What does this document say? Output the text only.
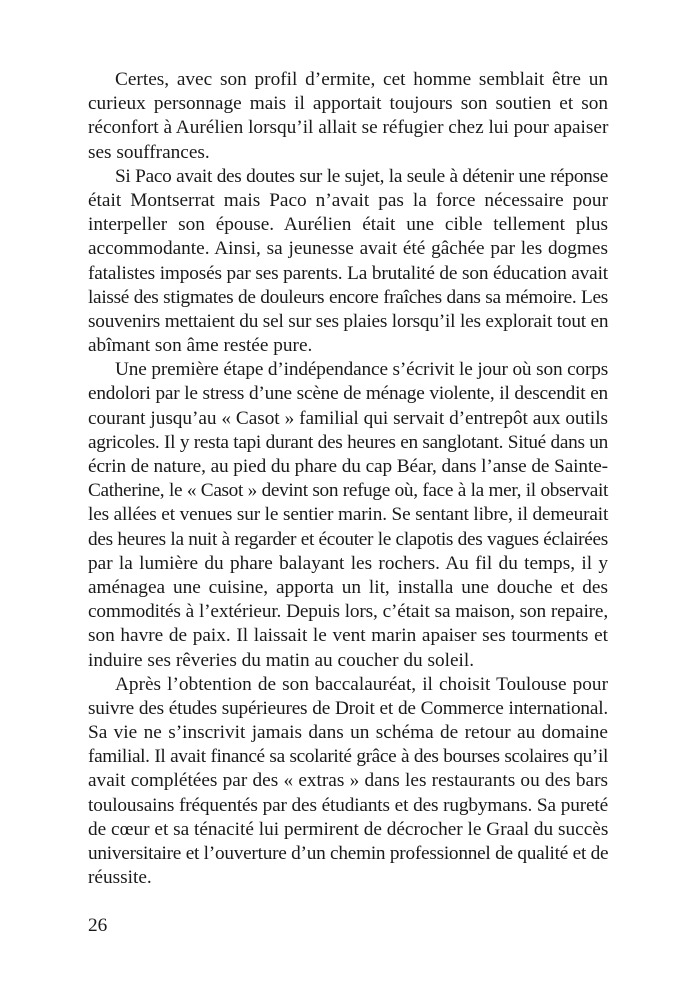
Certes, avec son profil d’ermite, cet homme semblait être un
curieux personnage mais il apportait toujours son soutien et son
réconfort à Aurélien lorsqu’il allait se réfugier chez lui pour apaiser
ses souffrances.
Si Paco avait des doutes sur le sujet, la seule à détenir une réponse
était Montserrat mais Paco n’avait pas la force nécessaire pour
interpeller son épouse. Aurélien était une cible tellement plus
accommodante. Ainsi, sa jeunesse avait été gâchée par les dogmes
fatalistes imposés par ses parents. La brutalité de son éducation avait
laissé des stigmates de douleurs encore fraîches dans sa mémoire. Les
souvenirs mettaient du sel sur ses plaies lorsqu’il les explorait tout en
abîmant son âme restée pure.
Une première étape d’indépendance s’écrivit le jour où son corps
endolori par le stress d’une scène de ménage violente, il descendit en
courant jusqu’au « Casot » familial qui servait d’entrepôt aux outils
agricoles. Il y resta tapi durant des heures en sanglotant. Situé dans un
écrin de nature, au pied du phare du cap Béar, dans l’anse de Sainte-
Catherine, le « Casot » devint son refuge où, face à la mer, il observait
les allées et venues sur le sentier marin. Se sentant libre, il demeurait
des heures la nuit à regarder et écouter le clapotis des vagues éclairées
par la lumière du phare balayant les rochers. Au fil du temps, il y
aménagea une cuisine, apporta un lit, installa une douche et des
commodités à l’extérieur. Depuis lors, c’était sa maison, son repaire,
son havre de paix. Il laissait le vent marin apaiser ses tourments et
induire ses rêveries du matin au coucher du soleil.
Après l’obtention de son baccalauréat, il choisit Toulouse pour
suivre des études supérieures de Droit et de Commerce international.
Sa vie ne s’inscrivit jamais dans un schéma de retour au domaine
familial. Il avait financé sa scolarité grâce à des bourses scolaires qu’il
avait complétées par des « extras » dans les restaurants ou des bars
toulousains fréquentés par des étudiants et des rugbymans. Sa pureté
de cœur et sa ténacité lui permirent de décrocher le Graal du succès
universitaire et l’ouverture d’un chemin professionnel de qualité et de
réussite.
26
